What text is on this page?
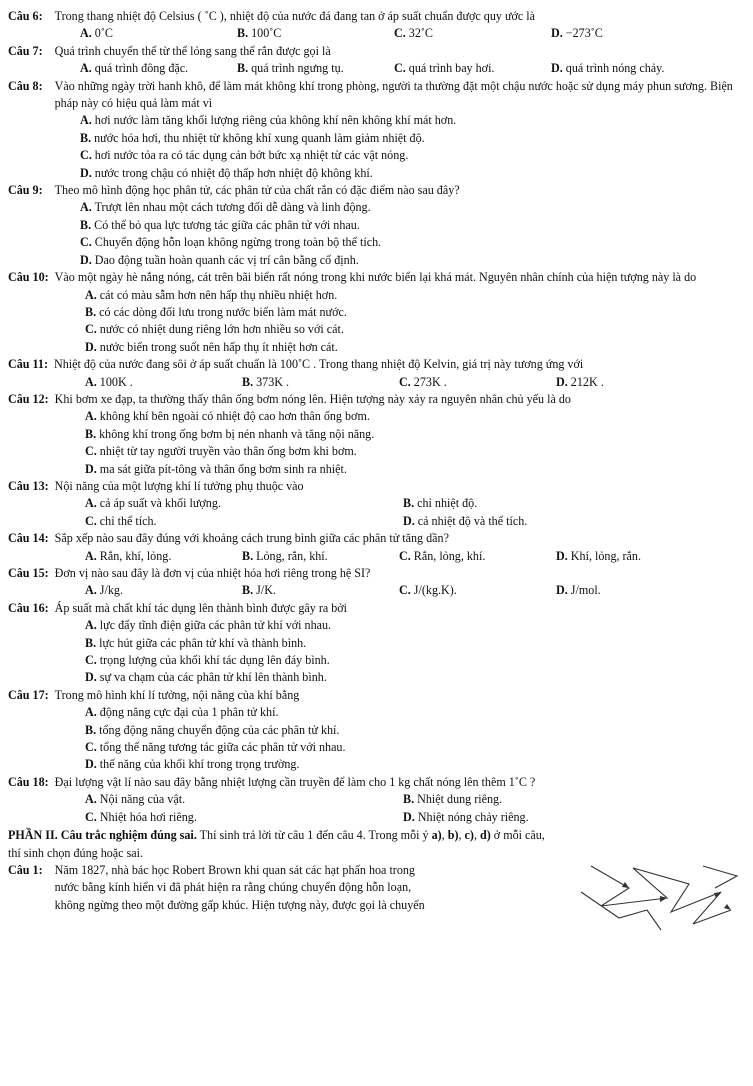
Câu 6: Trong thang nhiệt độ Celsius ( ˚C ), nhiệt độ của nước đá đang tan ở áp suất chuẩn được quy ước là
A. 0˚C	B. 100˚C	C. 32˚C	D. −273˚C
Câu 7: Quá trình chuyển thể từ thể lỏng sang thể rắn được gọi là
A. quá trình đông đặc.	B. quá trình ngưng tụ.	C. quá trình bay hơi.	D. quá trình nóng chảy.
Câu 8: Vào những ngày trời hanh khô, để làm mát không khí trong phòng, người ta thường đặt một chậu nước hoặc sử dụng máy phun sương. Biện pháp này có hiệu quả làm mát vì
A. hơi nước làm tăng khối lượng riêng của không khí nên không khí mát hơn.
B. nước hóa hơi, thu nhiệt từ không khí xung quanh làm giảm nhiệt độ.
C. hơi nước tỏa ra có tác dụng cản bớt bức xạ nhiệt từ các vật nóng.
D. nước trong chậu có nhiệt độ thấp hơn nhiệt độ không khí.
Câu 9: Theo mô hình động học phân tử, các phân tử của chất rắn có đặc điểm nào sau đây?
A. Trượt lên nhau một cách tương đối dễ dàng và linh động.
B. Có thể bỏ qua lực tương tác giữa các phân tử với nhau.
C. Chuyển động hỗn loạn không ngừng trong toàn bộ thể tích.
D. Dao động tuần hoàn quanh các vị trí cân bằng cố định.
Câu 10: Vào một ngày hè nắng nóng, cát trên bãi biển rất nóng trong khi nước biển lại khá mát. Nguyên nhân chính của hiện tượng này là do
A. cát có màu sẫm hơn nên hấp thụ nhiều nhiệt hơn.
B. có các dòng đối lưu trong nước biển làm mát nước.
C. nước có nhiệt dung riêng lớn hơn nhiều so với cát.
D. nước biển trong suốt nên hấp thụ ít nhiệt hơn cát.
Câu 11: Nhiệt độ của nước đang sôi ở áp suất chuẩn là 100˚C . Trong thang nhiệt độ Kelvin, giá trị này tương ứng với
A. 100K .	B. 373K .	C. 273K .	D. 212K .
Câu 12: Khi bơm xe đạp, ta thường thấy thân ống bơm nóng lên. Hiện tượng này xảy ra nguyên nhân chủ yếu là do
A. không khí bên ngoài có nhiệt độ cao hơn thân ống bơm.
B. không khí trong ống bơm bị nén nhanh và tăng nội năng.
C. nhiệt từ tay người truyền vào thân ống bơm khi bơm.
D. ma sát giữa pít-tông và thân ống bơm sinh ra nhiệt.
Câu 13: Nội năng của một lượng khí lí tưởng phụ thuộc vào
A. cả áp suất và khối lượng.	B. chỉ nhiệt độ.
C. chỉ thể tích.	D. cả nhiệt độ và thể tích.
Câu 14: Sắp xếp nào sau đây đúng với khoảng cách trung bình giữa các phân tử tăng dần?
A. Rắn, khí, lỏng.	B. Lỏng, rắn, khí.	C. Rắn, lỏng, khí.	D. Khí, lỏng, rắn.
Câu 15: Đơn vị nào sau đây là đơn vị của nhiệt hóa hơi riêng trong hệ SI?
A. J/kg.	B. J/K.	C. J/(kg.K).	D. J/mol.
Câu 16: Áp suất mà chất khí tác dụng lên thành bình được gây ra bởi
A. lực đẩy tĩnh điện giữa các phân tử khí với nhau.
B. lực hút giữa các phân tử khí và thành bình.
C. trọng lượng của khối khí tác dụng lên đáy bình.
D. sự va chạm của các phân tử khí lên thành bình.
Câu 17: Trong mô hình khí lí tưởng, nội năng của khí bằng
A. động năng cực đại của 1 phân tử khí.
B. tổng động năng chuyển động của các phân tử khí.
C. tổng thế năng tương tác giữa các phân tử với nhau.
D. thế năng của khối khí trong trọng trường.
Câu 18: Đại lượng vật lí nào sau đây bằng nhiệt lượng cần truyền để làm cho 1 kg chất nóng lên thêm 1˚C ?
A. Nội năng của vật.	B. Nhiệt dung riêng.
C. Nhiệt hóa hơi riêng.	D. Nhiệt nóng chảy riêng.
PHẦN II. Câu trắc nghiệm đúng sai. Thí sinh trả lời từ câu 1 đến câu 4. Trong mỗi ý a), b), c), d) ở mỗi câu,
thí sinh chọn đúng hoặc sai.
Câu 1: Năm 1827, nhà bác học Robert Brown khi quan sát các hạt phấn hoa trong
nước bằng kính hiển vi đã phát hiện ra rằng chúng chuyển động hỗn loạn,
không ngừng theo một đường gấp khúc. Hiện tượng này, được gọi là chuyển
